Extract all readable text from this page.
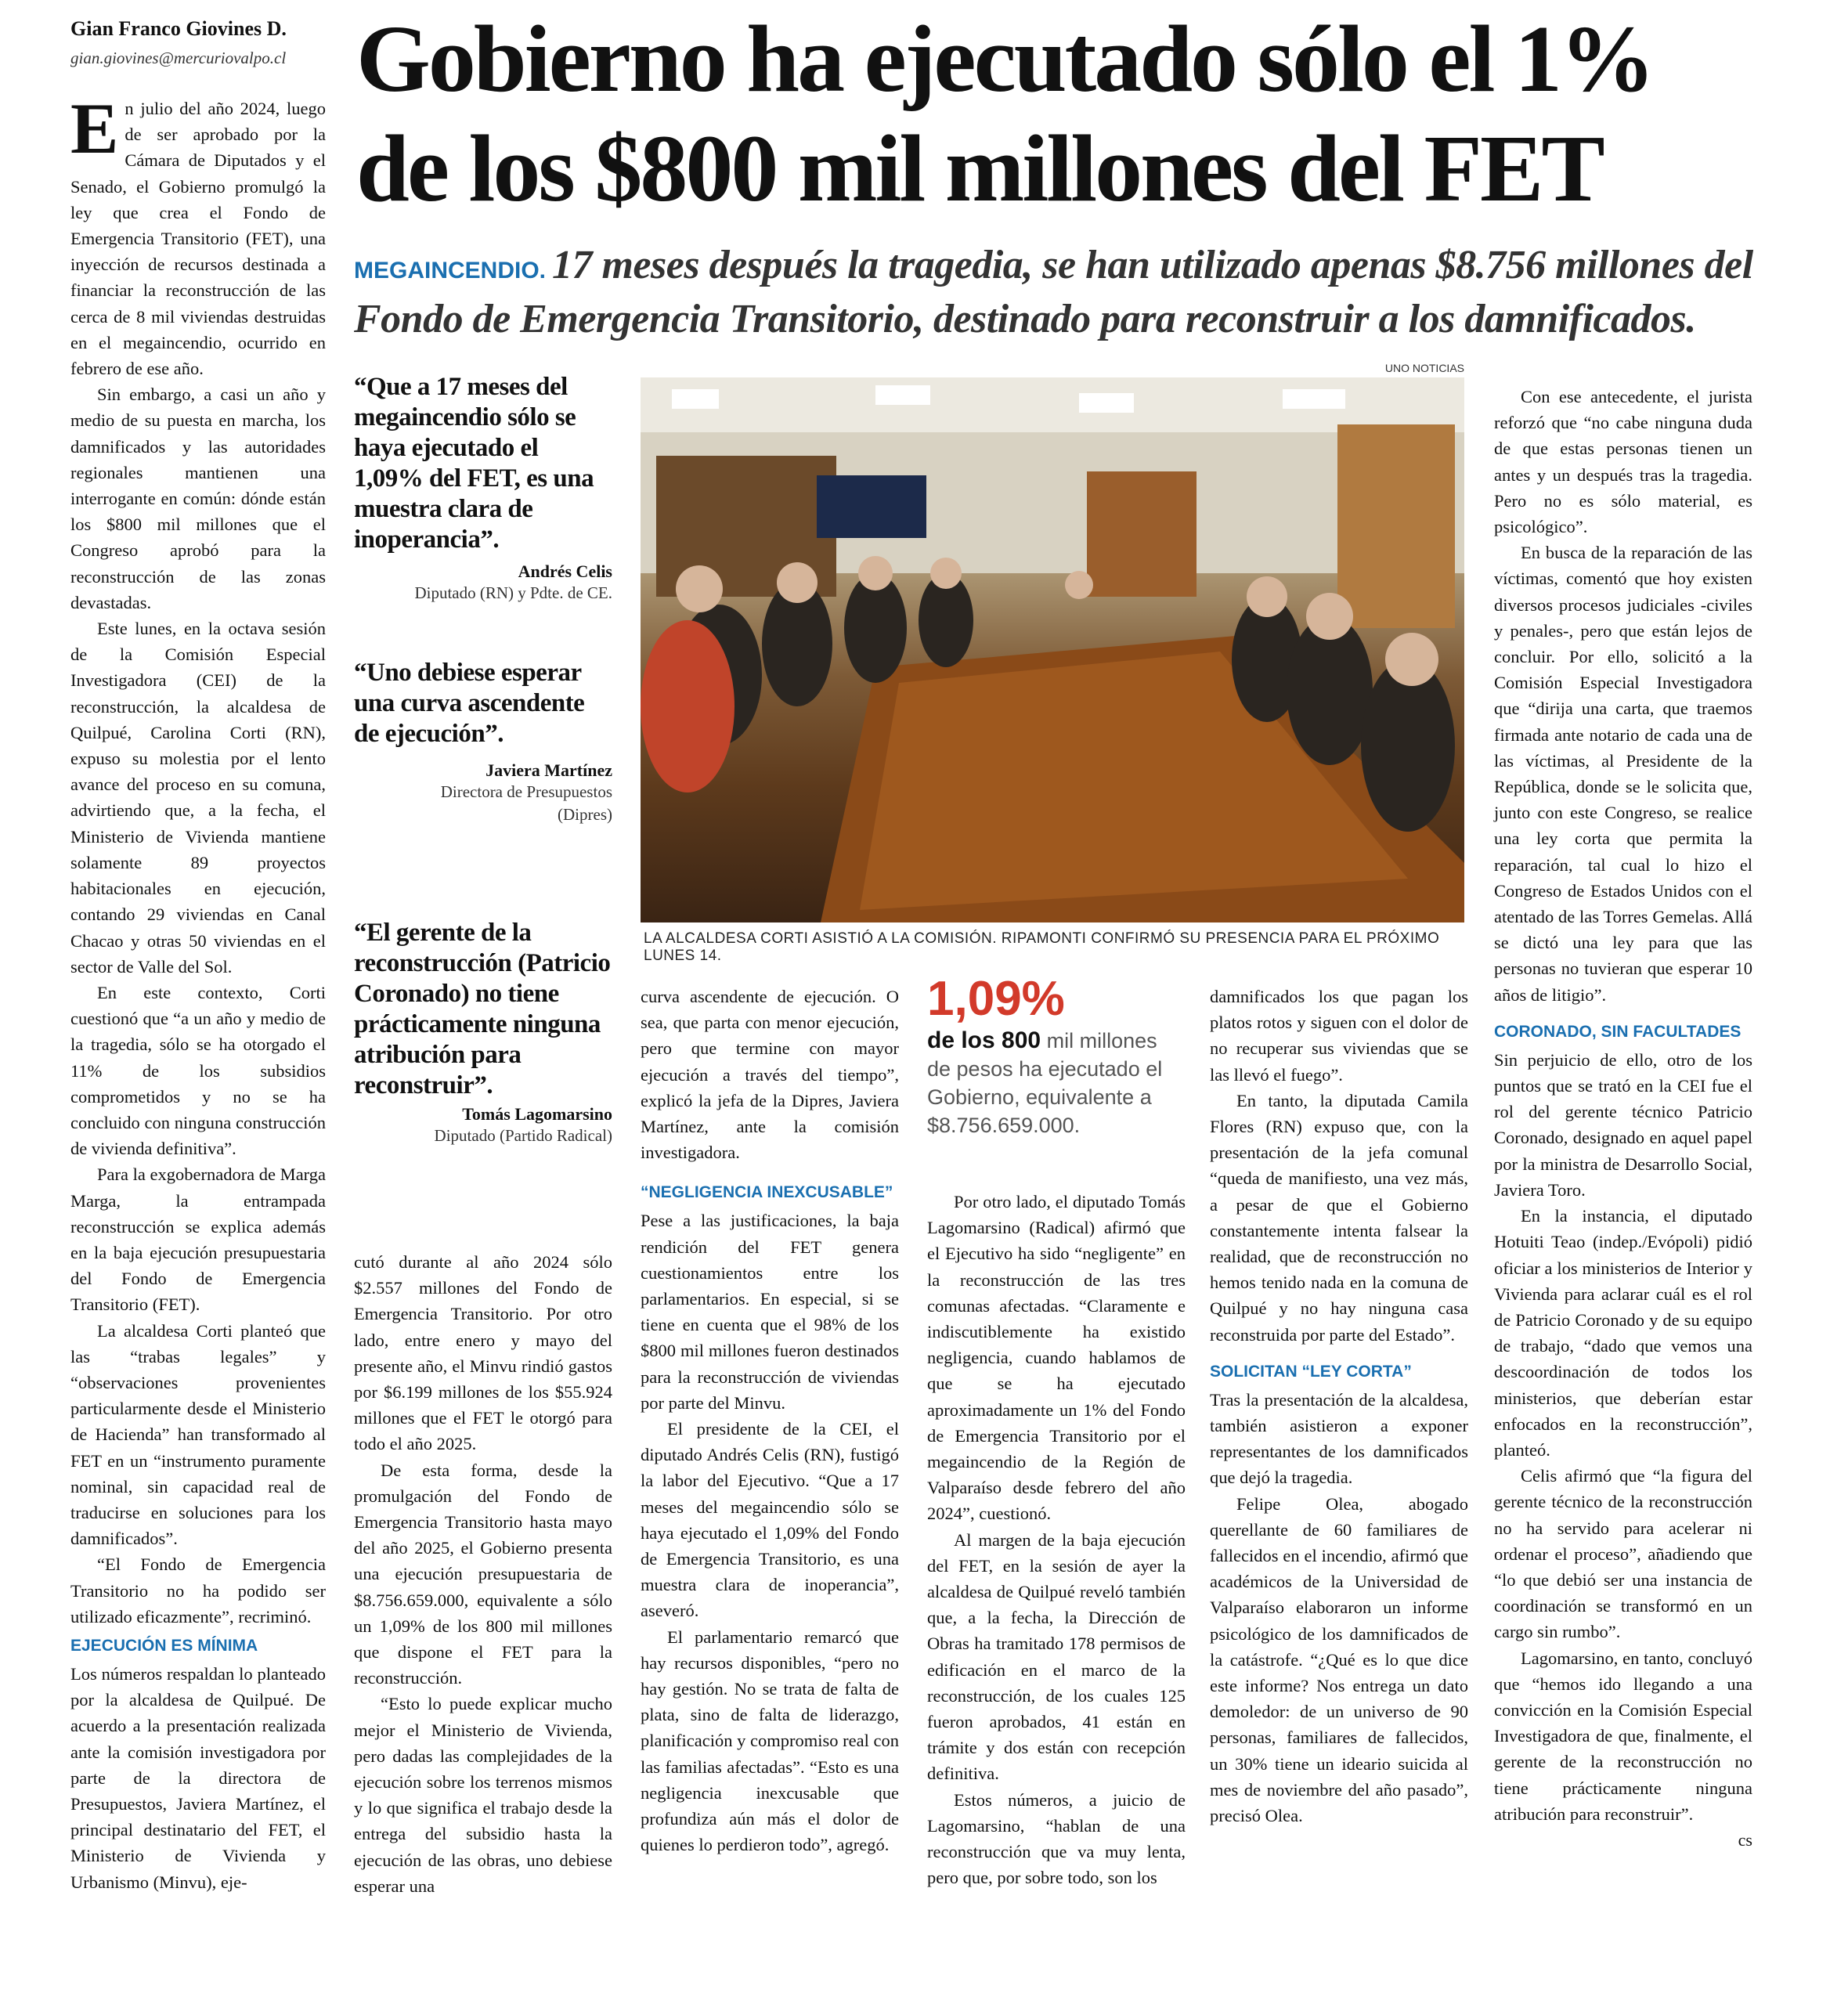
Gian Franco Giovines D.
gian.giovines@mercuriovalpo.cl Gobierno ha ejecutado sólo el 1%
de los $800 mil millones del FET
MEGAINCENDIO. 17 meses después la tragedia, se han utilizado apenas $8.756 millones del
Fondo de Emergencia Transitorio, destinado para reconstruir a los damnificados.

En julio del año 2024, luego de ser aprobado por la Cámara de Diputados y el Senado, el Gobierno promulgó la ley que crea el Fondo de Emergencia Transitorio (FET), una inyección de recursos destinada a financiar la reconstrucción de las cerca de 8 mil viviendas destruidas en el megaincendio, ocurrido en febrero de ese año.

Sin embargo, a casi un año y medio de su puesta en marcha, los damnificados y las autoridades regionales mantienen una interrogante en común: dónde están los $800 mil millones que el Congreso aprobó para la reconstrucción de las zonas devastadas.

Este lunes, en la octava sesión de la Comisión Especial Investigadora (CEI) de la reconstrucción, la alcaldesa de Quilpué, Carolina Corti (RN), expuso su molestia por el lento avance del proceso en su comuna, advirtiendo que, a la fecha, el Ministerio de Vivienda mantiene solamente 89 proyectos habitacionales en ejecución, contando 29 viviendas en Canal Chacao y otras 50 viviendas en el sector de Valle del Sol.

En este contexto, Corti cuestionó que “a un año y medio de la tragedia, sólo se ha otorgado el 11% de los subsidios comprometidos y no se ha concluido con ninguna construcción de vivienda definitiva”.

Para la exgobernadora de Marga Marga, la entrampada reconstrucción se explica además en la baja ejecución presupuestaria del Fondo de Emergencia Transitorio (FET).

La alcaldesa Corti planteó que las “trabas legales” y “observaciones provenientes particularmente desde el Ministerio de Hacienda” han transformado al FET en un “instrumento puramente nominal, sin capacidad real de traducirse en soluciones para los damnificados”.

“El Fondo de Emergencia Transitorio no ha podido ser utilizado eficazmente”, recriminó.

EJECUCIÓN ES MÍNIMA

Los números respaldan lo planteado por la alcaldesa de Quilpué. De acuerdo a la presentación realizada ante la comisión investigadora por parte de la directora de Presupuestos, Javiera Martínez, el principal destinatario del FET, el Ministerio de Vivienda y Urbanismo (Minvu), eje-

“Que a 17 meses del megaincendio sólo se haya ejecutado el 1,09% del FET, es una muestra clara de inoperancia”.
Andrés Celis
Diputado (RN) y Pdte. de CE.
“Uno debiese esperar una curva ascendente de ejecución”.
Javiera Martínez
Directora de Presupuestos (Dipres)
“El gerente de la reconstrucción (Patricio Coronado) no tiene prácticamente ninguna atribución para reconstruir”.
Tomás Lagomarsino
Diputado (Partido Radical)
UNO NOTICIAS
LA ALCALDESA CORTI ASISTIÓ A LA COMISIÓN. RIPAMONTI CONFIRMÓ SU PRESENCIA PARA EL PRÓXIMO LUNES 14.

cutó durante al año 2024 sólo $2.557 millones del Fondo de Emergencia Transitorio. Por otro lado, entre enero y mayo del presente año, el Minvu rindió gastos por $6.199 millones de los $55.924 millones que el FET le otorgó para todo el año 2025.

De esta forma, desde la promulgación del Fondo de Emergencia Transitorio hasta mayo del año 2025, el Gobierno presenta una ejecución presupuestaria de $8.756.659.000, equivalente a sólo un 1,09% de los 800 mil millones que dispone el FET para la reconstrucción.

“Esto lo puede explicar mucho mejor el Ministerio de Vivienda, pero dadas las complejidades de la ejecución sobre los terrenos mismos y lo que significa el trabajo desde la entrega del subsidio hasta la ejecución de las obras, uno debiese esperar una

curva ascendente de ejecución. O sea, que parta con menor ejecución, pero que termine con mayor ejecución a través del tiempo”, explicó la jefa de la Dipres, Javiera Martínez, ante la comisión investigadora.

“NEGLIGENCIA INEXCUSABLE”

Pese a las justificaciones, la baja rendición del FET genera cuestionamientos entre los parlamentarios. En especial, si se tiene en cuenta que el 98% de los $800 mil millones fueron destinados para la reconstrucción de viviendas por parte del Minvu.

El presidente de la CEI, el diputado Andrés Celis (RN), fustigó la labor del Ejecutivo. “Que a 17 meses del megaincendio sólo se haya ejecutado el 1,09% del Fondo de Emergencia Transitorio, es una muestra clara de inoperancia”, aseveró.

El parlamentario remarcó que hay recursos disponibles, “pero no hay gestión. No se trata de falta de plata, sino de falta de liderazgo, planificación y compromiso real con las familias afectadas”. “Esto es una negligencia inexcusable que profundiza aún más el dolor de quienes lo perdieron todo”, agregó.

1,09%
de los 800 mil millones de pesos ha ejecutado el Gobierno, equivalente a $8.756.659.000.

Por otro lado, el diputado Tomás Lagomarsino (Radical) afirmó que el Ejecutivo ha sido “negligente” en la reconstrucción de las tres comunas afectadas. “Claramente e indiscutiblemente ha existido negligencia, cuando hablamos de que se ha ejecutado aproximadamente un 1% del Fondo de Emergencia Transitorio por el megaincendio de la Región de Valparaíso desde febrero del año 2024”, cuestionó.

Al margen de la baja ejecución del FET, en la sesión de ayer la alcaldesa de Quilpué reveló también que, a la fecha, la Dirección de Obras ha tramitado 178 permisos de edificación en el marco de la reconstrucción, de los cuales 125 fueron aprobados, 41 están en trámite y dos están con recepción definitiva.

Estos números, a juicio de Lagomarsino, “hablan de una reconstrucción que va muy lenta, pero que, por sobre todo, son los

damnificados los que pagan los platos rotos y siguen con el dolor de no recuperar sus viviendas que se las llevó el fuego”.

En tanto, la diputada Camila Flores (RN) expuso que, con la presentación de la jefa comunal “queda de manifiesto, una vez más, a pesar de que el Gobierno constantemente intenta falsear la realidad, que de reconstrucción no hemos tenido nada en la comuna de Quilpué y no hay ninguna casa reconstruida por parte del Estado”.

SOLICITAN “LEY CORTA”

Tras la presentación de la alcaldesa, también asistieron a exponer representantes de los damnificados que dejó la tragedia.

Felipe Olea, abogado querellante de 60 familiares de fallecidos en el incendio, afirmó que académicos de la Universidad de Valparaíso elaboraron un informe psicológico de los damnificados de la catástrofe. “¿Qué es lo que dice este informe? Nos entrega un dato demoledor: de un universo de 90 personas, familiares de fallecidos, un 30% tiene un ideario suicida al mes de noviembre del año pasado”, precisó Olea.

Con ese antecedente, el jurista reforzó que “no cabe ninguna duda de que estas personas tienen un antes y un después tras la tragedia. Pero no es sólo material, es psicológico”.

En busca de la reparación de las víctimas, comentó que hoy existen diversos procesos judiciales -civiles y penales-, pero que están lejos de concluir. Por ello, solicitó a la Comisión Especial Investigadora que “dirija una carta, que traemos firmada ante notario de cada una de las víctimas, al Presidente de la República, donde se le solicita que, junto con este Congreso, se realice una ley corta que permita la reparación, tal cual lo hizo el Congreso de Estados Unidos con el atentado de las Torres Gemelas. Allá se dictó una ley para que las personas no tuvieran que esperar 10 años de litigio”.

CORONADO, SIN FACULTADES

Sin perjuicio de ello, otro de los puntos que se trató en la CEI fue el rol del gerente técnico Patricio Coronado, designado en aquel papel por la ministra de Desarrollo Social, Javiera Toro.

En la instancia, el diputado Hotuiti Teao (indep./Evópoli) pidió oficiar a los ministerios de Interior y Vivienda para aclarar cuál es el rol de Patricio Coronado y de su equipo de trabajo, “dado que vemos una descoordinación de todos los ministerios, que deberían estar enfocados en la reconstrucción”, planteó.

Celis afirmó que “la figura del gerente técnico de la reconstrucción no ha servido para acelerar ni ordenar el proceso”, añadiendo que “lo que debió ser una instancia de coordinación se transformó en un cargo sin rumbo”.

Lagomarsino, en tanto, concluyó que “hemos ido llegando a una convicción en la Comisión Especial Investigadora de que, finalmente, el gerente de la reconstrucción no tiene prácticamente ninguna atribución para reconstruir”.

cs
